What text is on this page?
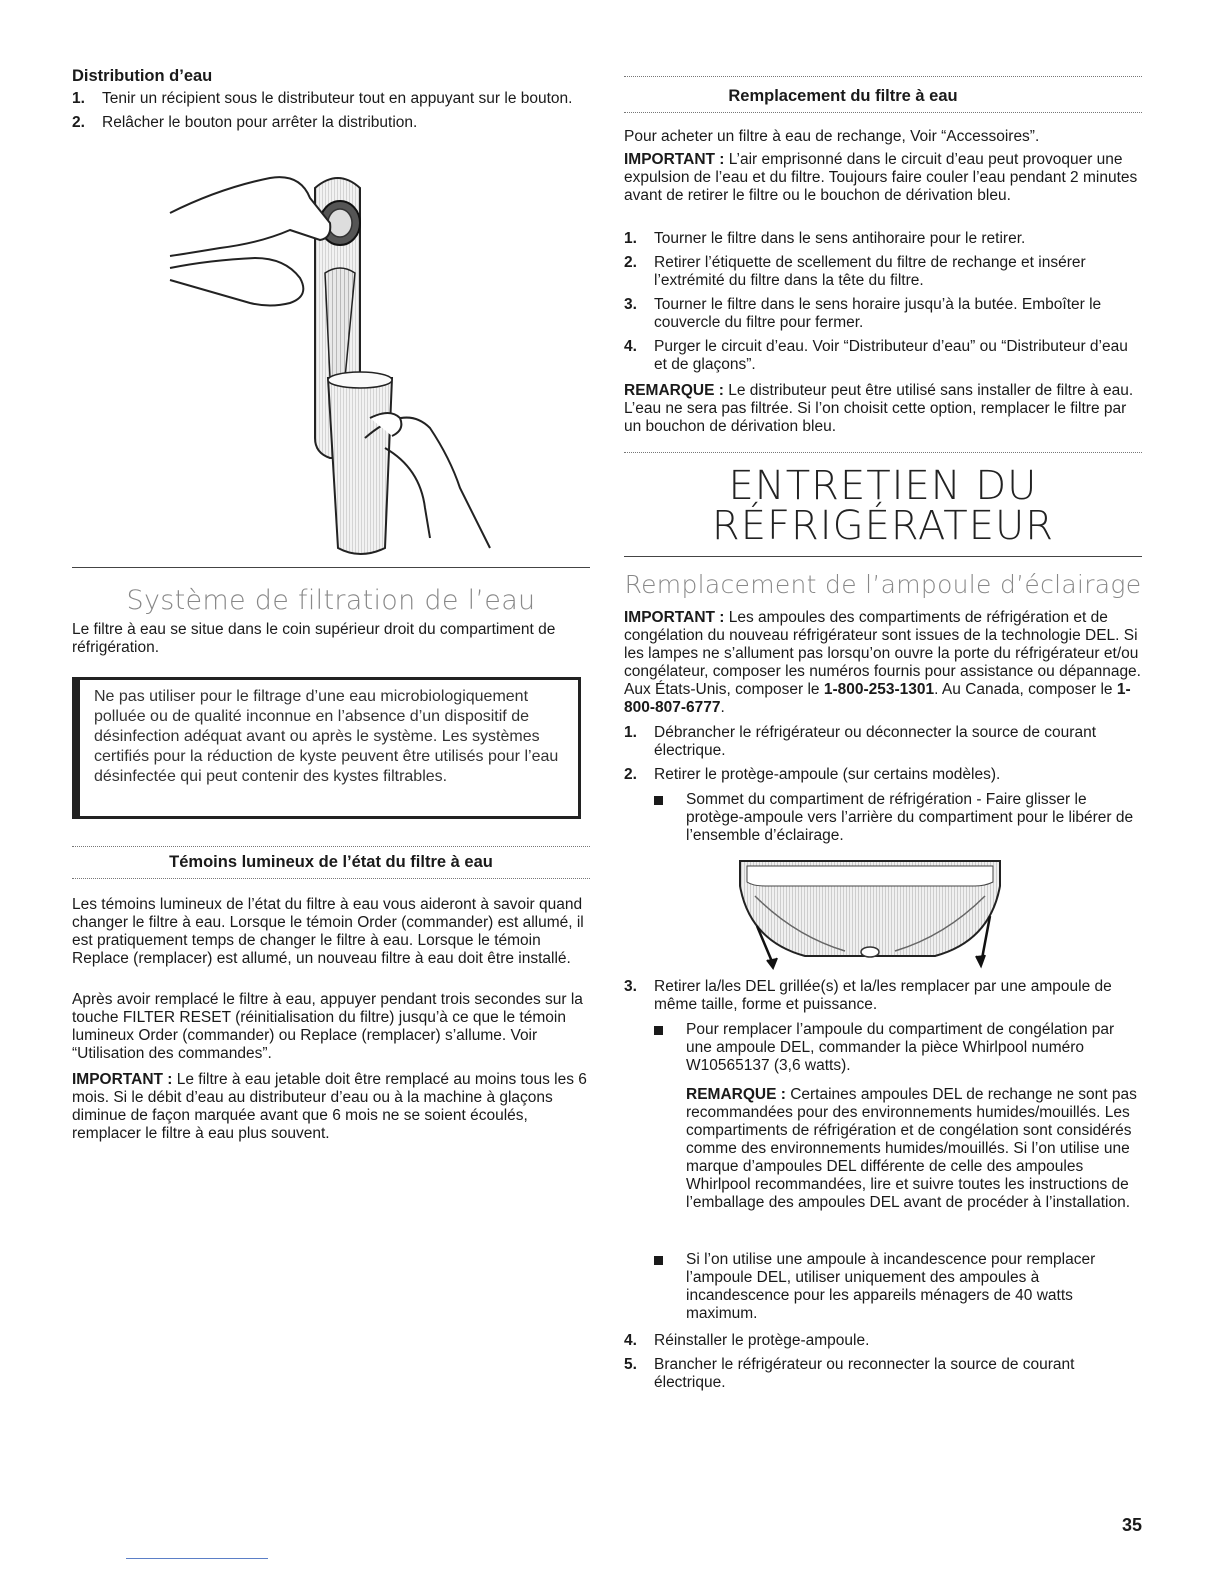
Distribution d’eau
1. Tenir un récipient sous le distributeur tout en appuyant sur le bouton.
2. Relâcher le bouton pour arrêter la distribution.
Système de filtration de l’eau

Le filtre à eau se situe dans le coin supérieur droit du compartiment de réfrigération.

Ne pas utiliser pour le filtrage d’une eau microbiologiquement polluée ou de qualité inconnue en l’absence d’un dispositif de désinfection adéquat avant ou après le système. Les systèmes certifiés pour la réduction de kyste peuvent être utilisés pour l’eau désinfectée qui peut contenir des kystes filtrables.

Témoins lumineux de l’état du filtre à eau

Les témoins lumineux de l’état du filtre à eau vous aideront à savoir quand changer le filtre à eau. Lorsque le témoin Order (commander) est allumé, il est pratiquement temps de changer le filtre à eau. Lorsque le témoin Replace (remplacer) est allumé, un nouveau filtre à eau doit être installé.

Après avoir remplacé le filtre à eau, appuyer pendant trois secondes sur la touche FILTER RESET (réinitialisation du filtre) jusqu’à ce que le témoin lumineux Order (commander) ou Replace (remplacer) s’allume. Voir “Utilisation des commandes”.

IMPORTANT : Le filtre à eau jetable doit être remplacé au moins tous les 6 mois. Si le débit d’eau au distributeur d’eau ou à la machine à glaçons diminue de façon marquée avant que 6 mois ne se soient écoulés, remplacer le filtre à eau plus souvent.

Remplacement du filtre à eau

Pour acheter un filtre à eau de rechange, Voir “Accessoires”.

IMPORTANT : L’air emprisonné dans le circuit d’eau peut provoquer une expulsion de l’eau et du filtre. Toujours faire couler l’eau pendant 2 minutes avant de retirer le filtre ou le bouchon de dérivation bleu.

1. Tourner le filtre dans le sens antihoraire pour le retirer.
2. Retirer l’étiquette de scellement du filtre de rechange et insérer l’extrémité du filtre dans la tête du filtre.
3. Tourner le filtre dans le sens horaire jusqu’à la butée. Emboîter le couvercle du filtre pour fermer.
4. Purger le circuit d’eau. Voir “Distributeur d’eau” ou “Distributeur d’eau et de glaçons”.

REMARQUE : Le distributeur peut être utilisé sans installer de filtre à eau. L’eau ne sera pas filtrée. Si l’on choisit cette option, remplacer le filtre par un bouchon de dérivation bleu.

ENTRETIEN DU
RÉFRIGÉRATEUR
Remplacement de l’ampoule d’éclairage

IMPORTANT : Les ampoules des compartiments de réfrigération et de congélation du nouveau réfrigérateur sont issues de la technologie DEL. Si les lampes ne s’allument pas lorsqu’on ouvre la porte du réfrigérateur et/ou congélateur, composer les numéros fournis pour assistance ou dépannage. Aux États-Unis, composer le 1-800-253-1301. Au Canada, composer le 1-800-807-6777.

1. Débrancher le réfrigérateur ou déconnecter la source de courant électrique.
2. Retirer le protège-ampoule (sur certains modèles).
Sommet du compartiment de réfrigération - Faire glisser le protège-ampoule vers l’arrière du compartiment pour le libérer de l’ensemble d’éclairage.
3. Retirer la/les DEL grillée(s) et la/les remplacer par une ampoule de même taille, forme et puissance.
Pour remplacer l’ampoule du compartiment de congélation par une ampoule DEL, commander la pièce Whirlpool numéro W10565137 (3,6 watts).

REMARQUE : Certaines ampoules DEL de rechange ne sont pas recommandées pour des environnements humides/mouillés. Les compartiments de réfrigération et de congélation sont considérés comme des environnements humides/mouillés. Si l’on utilise une marque d’ampoules DEL différente de celle des ampoules Whirlpool recommandées, lire et suivre toutes les instructions de l’emballage des ampoules DEL avant de procéder à l’installation.

Si l’on utilise une ampoule à incandescence pour remplacer l’ampoule DEL, utiliser uniquement des ampoules à incandescence pour les appareils ménagers de 40 watts maximum.
4. Réinstaller le protège-ampoule.
5. Brancher le réfrigérateur ou reconnecter la source de courant électrique.
35
